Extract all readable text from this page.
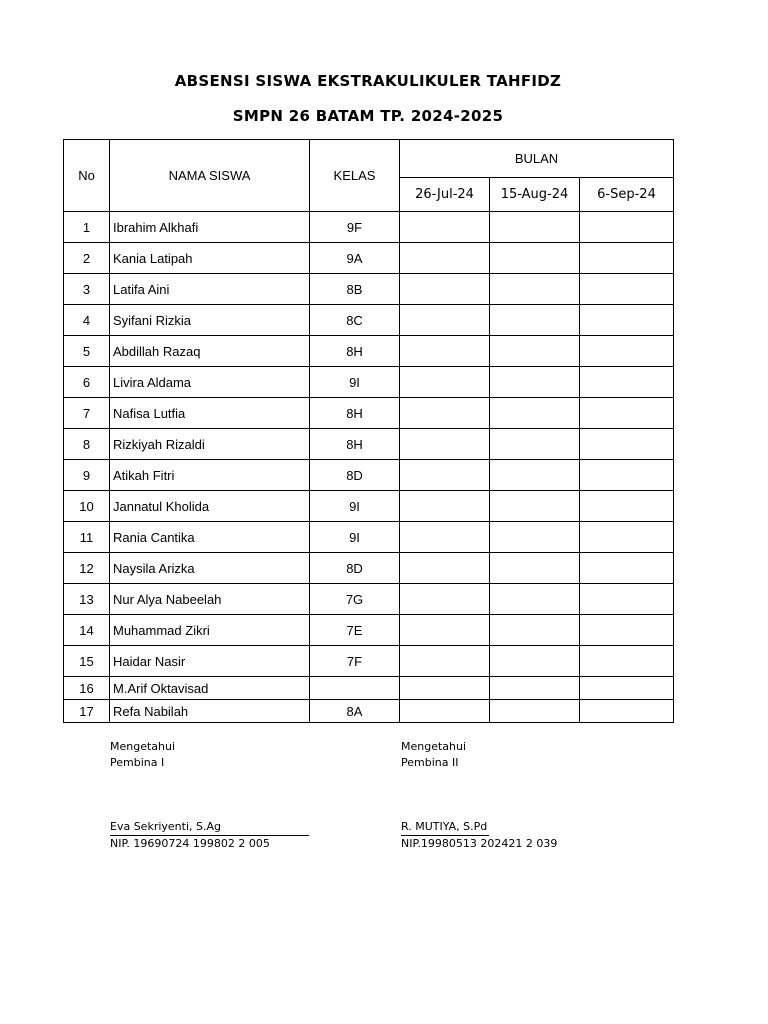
ABSENSI SISWA EKSTRAKULIKULER TAHFIDZ
SMPN 26 BATAM TP. 2024-2025
No	NAMA SISWA	KELAS	BULAN		
			26-Jul-24	15-Aug-24	6-Sep-24
1	Ibrahim Alkhafi	9F			
2	Kania Latipah	9A			
3	Latifa Aini	8B			
4	Syifani Rizkia	8C			
5	Abdillah Razaq	8H			
6	Livira Aldama	9I			
7	Nafisa Lutfia	8H			
8	Rizkiyah Rizaldi	8H			
9	Atikah Fitri	8D			
10	Jannatul Kholida	9I			
11	Rania Cantika	9I			
12	Naysila Arizka	8D			
13	Nur Alya Nabeelah	7G			
14	Muhammad Zikri	7E			
15	Haidar Nasir	7F			
16	M.Arif Oktavisad				
17	Refa Nabilah	8A			
Mengetahui
Pembina I
Eva Sekriyenti, S.Ag
NIP. 19690724 199802 2 005
Mengetahui
Pembina II
R. MUTIYA, S.Pd
NIP.19980513 202421 2 039
